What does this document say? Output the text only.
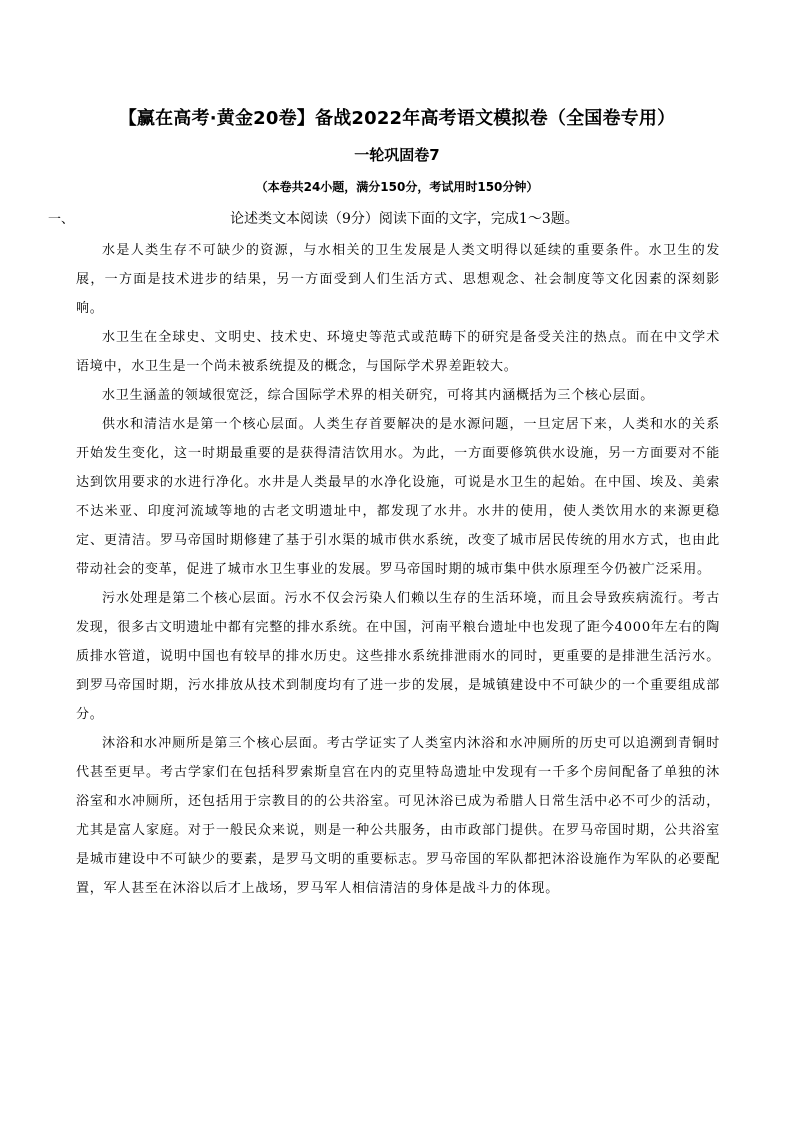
【赢在高考·黄金20卷】备战2022年高考语文模拟卷（全国卷专用）
一轮巩固卷7
（本卷共24小题，满分150分，考试用时150分钟）
一、	论述类文本阅读（9分）阅读下面的文字，完成1～3题。

水是人类生存不可缺少的资源，与水相关的卫生发展是人类文明得以延续的重要条件。水卫生的发展，一方面是技术进步的结果，另一方面受到人们生活方式、思想观念、社会制度等文化因素的深刻影响。

水卫生在全球史、文明史、技术史、环境史等范式或范畴下的研究是备受关注的热点。而在中文学术语境中，水卫生是一个尚未被系统提及的概念，与国际学术界差距较大。

水卫生涵盖的领域很宽泛，综合国际学术界的相关研究，可将其内涵概括为三个核心层面。

供水和清洁水是第一个核心层面。人类生存首要解决的是水源问题，一旦定居下来，人类和水的关系开始发生变化，这一时期最重要的是获得清洁饮用水。为此，一方面要修筑供水设施，另一方面要对不能达到饮用要求的水进行净化。水井是人类最早的水净化设施，可说是水卫生的起始。在中国、埃及、美索不达米亚、印度河流域等地的古老文明遗址中，都发现了水井。水井的使用，使人类饮用水的来源更稳定、更清洁。罗马帝国时期修建了基于引水渠的城市供水系统，改变了城市居民传统的用水方式，也由此带动社会的变革，促进了城市水卫生事业的发展。罗马帝国时期的城市集中供水原理至今仍被广泛采用。

污水处理是第二个核心层面。污水不仅会污染人们赖以生存的生活环境，而且会导致疾病流行。考古发现，很多古文明遗址中都有完整的排水系统。在中国，河南平粮台遗址中也发现了距今4000年左右的陶质排水管道，说明中国也有较早的排水历史。这些排水系统排泄雨水的同时，更重要的是排泄生活污水。到罗马帝国时期，污水排放从技术到制度均有了进一步的发展，是城镇建设中不可缺少的一个重要组成部分。

沐浴和水冲厕所是第三个核心层面。考古学证实了人类室内沐浴和水冲厕所的历史可以追溯到青铜时代甚至更早。考古学家们在包括科罗索斯皇宫在内的克里特岛遗址中发现有一千多个房间配备了单独的沐浴室和水冲厕所，还包括用于宗教目的的公共浴室。可见沐浴已成为希腊人日常生活中必不可少的活动，尤其是富人家庭。对于一般民众来说，则是一种公共服务，由市政部门提供。在罗马帝国时期，公共浴室是城市建设中不可缺少的要素，是罗马文明的重要标志。罗马帝国的军队都把沐浴设施作为军队的必要配置，军人甚至在沐浴以后才上战场，罗马军人相信清洁的身体是战斗力的体现。
